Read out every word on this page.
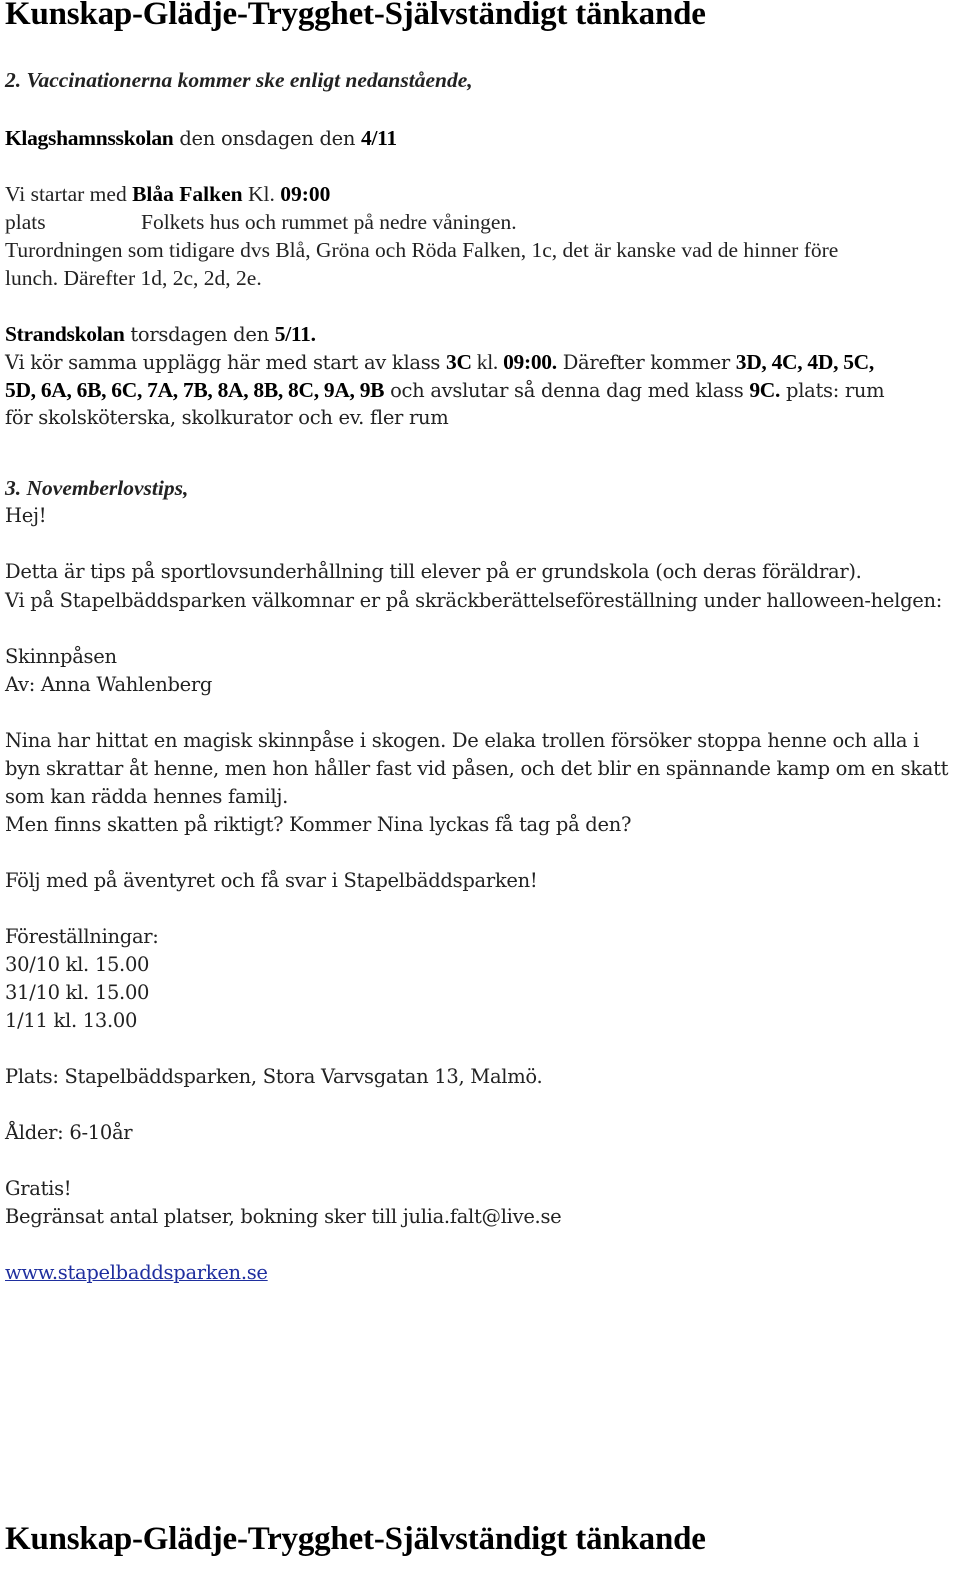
Kunskap-Glädje-Trygghet-Självständigt tänkande
2. Vaccinationerna kommer ske enligt nedanstående,
Klagshamnsskolan den onsdagen den 4/11
Vi startar med Blåa Falken Kl. 09:00
plats	Folkets hus och rummet på nedre våningen.
Turordningen som tidigare dvs Blå, Gröna och Röda Falken, 1c, det är kanske vad de hinner före
lunch. Därefter 1d, 2c, 2d, 2e.
Strandskolan torsdagen den 5/11.
Vi kör samma upplägg här med start av klass 3C kl. 09:00. Därefter kommer 3D, 4C, 4D, 5C,
5D, 6A, 6B, 6C, 7A, 7B, 8A, 8B, 8C, 9A, 9B och avslutar så denna dag med klass 9C. plats: rum
för skolsköterska, skolkurator och ev. fler rum
3. Novemberlovstips,
Hej!
Detta är tips på sportlovsunderhållning till elever på er grundskola (och deras föräldrar).
Vi på Stapelbäddsparken välkomnar er på skräckberättelseföreställning under halloween-helgen:
Skinnpåsen
Av: Anna Wahlenberg
Nina har hittat en magisk skinnpåse i skogen. De elaka trollen försöker stoppa henne och alla i
byn skrattar åt henne, men hon håller fast vid påsen, och det blir en spännande kamp om en skatt
som kan rädda hennes familj.
Men finns skatten på riktigt? Kommer Nina lyckas få tag på den?
Följ med på äventyret och få svar i Stapelbäddsparken!
Föreställningar:
30/10 kl. 15.00
31/10 kl. 15.00
1/11 kl. 13.00
Plats: Stapelbäddsparken, Stora Varvsgatan 13, Malmö.
Ålder: 6-10år
Gratis!
Begränsat antal platser, bokning sker till julia.falt@live.se
www.stapelbaddsparken.se
Kunskap-Glädje-Trygghet-Självständigt tänkande
